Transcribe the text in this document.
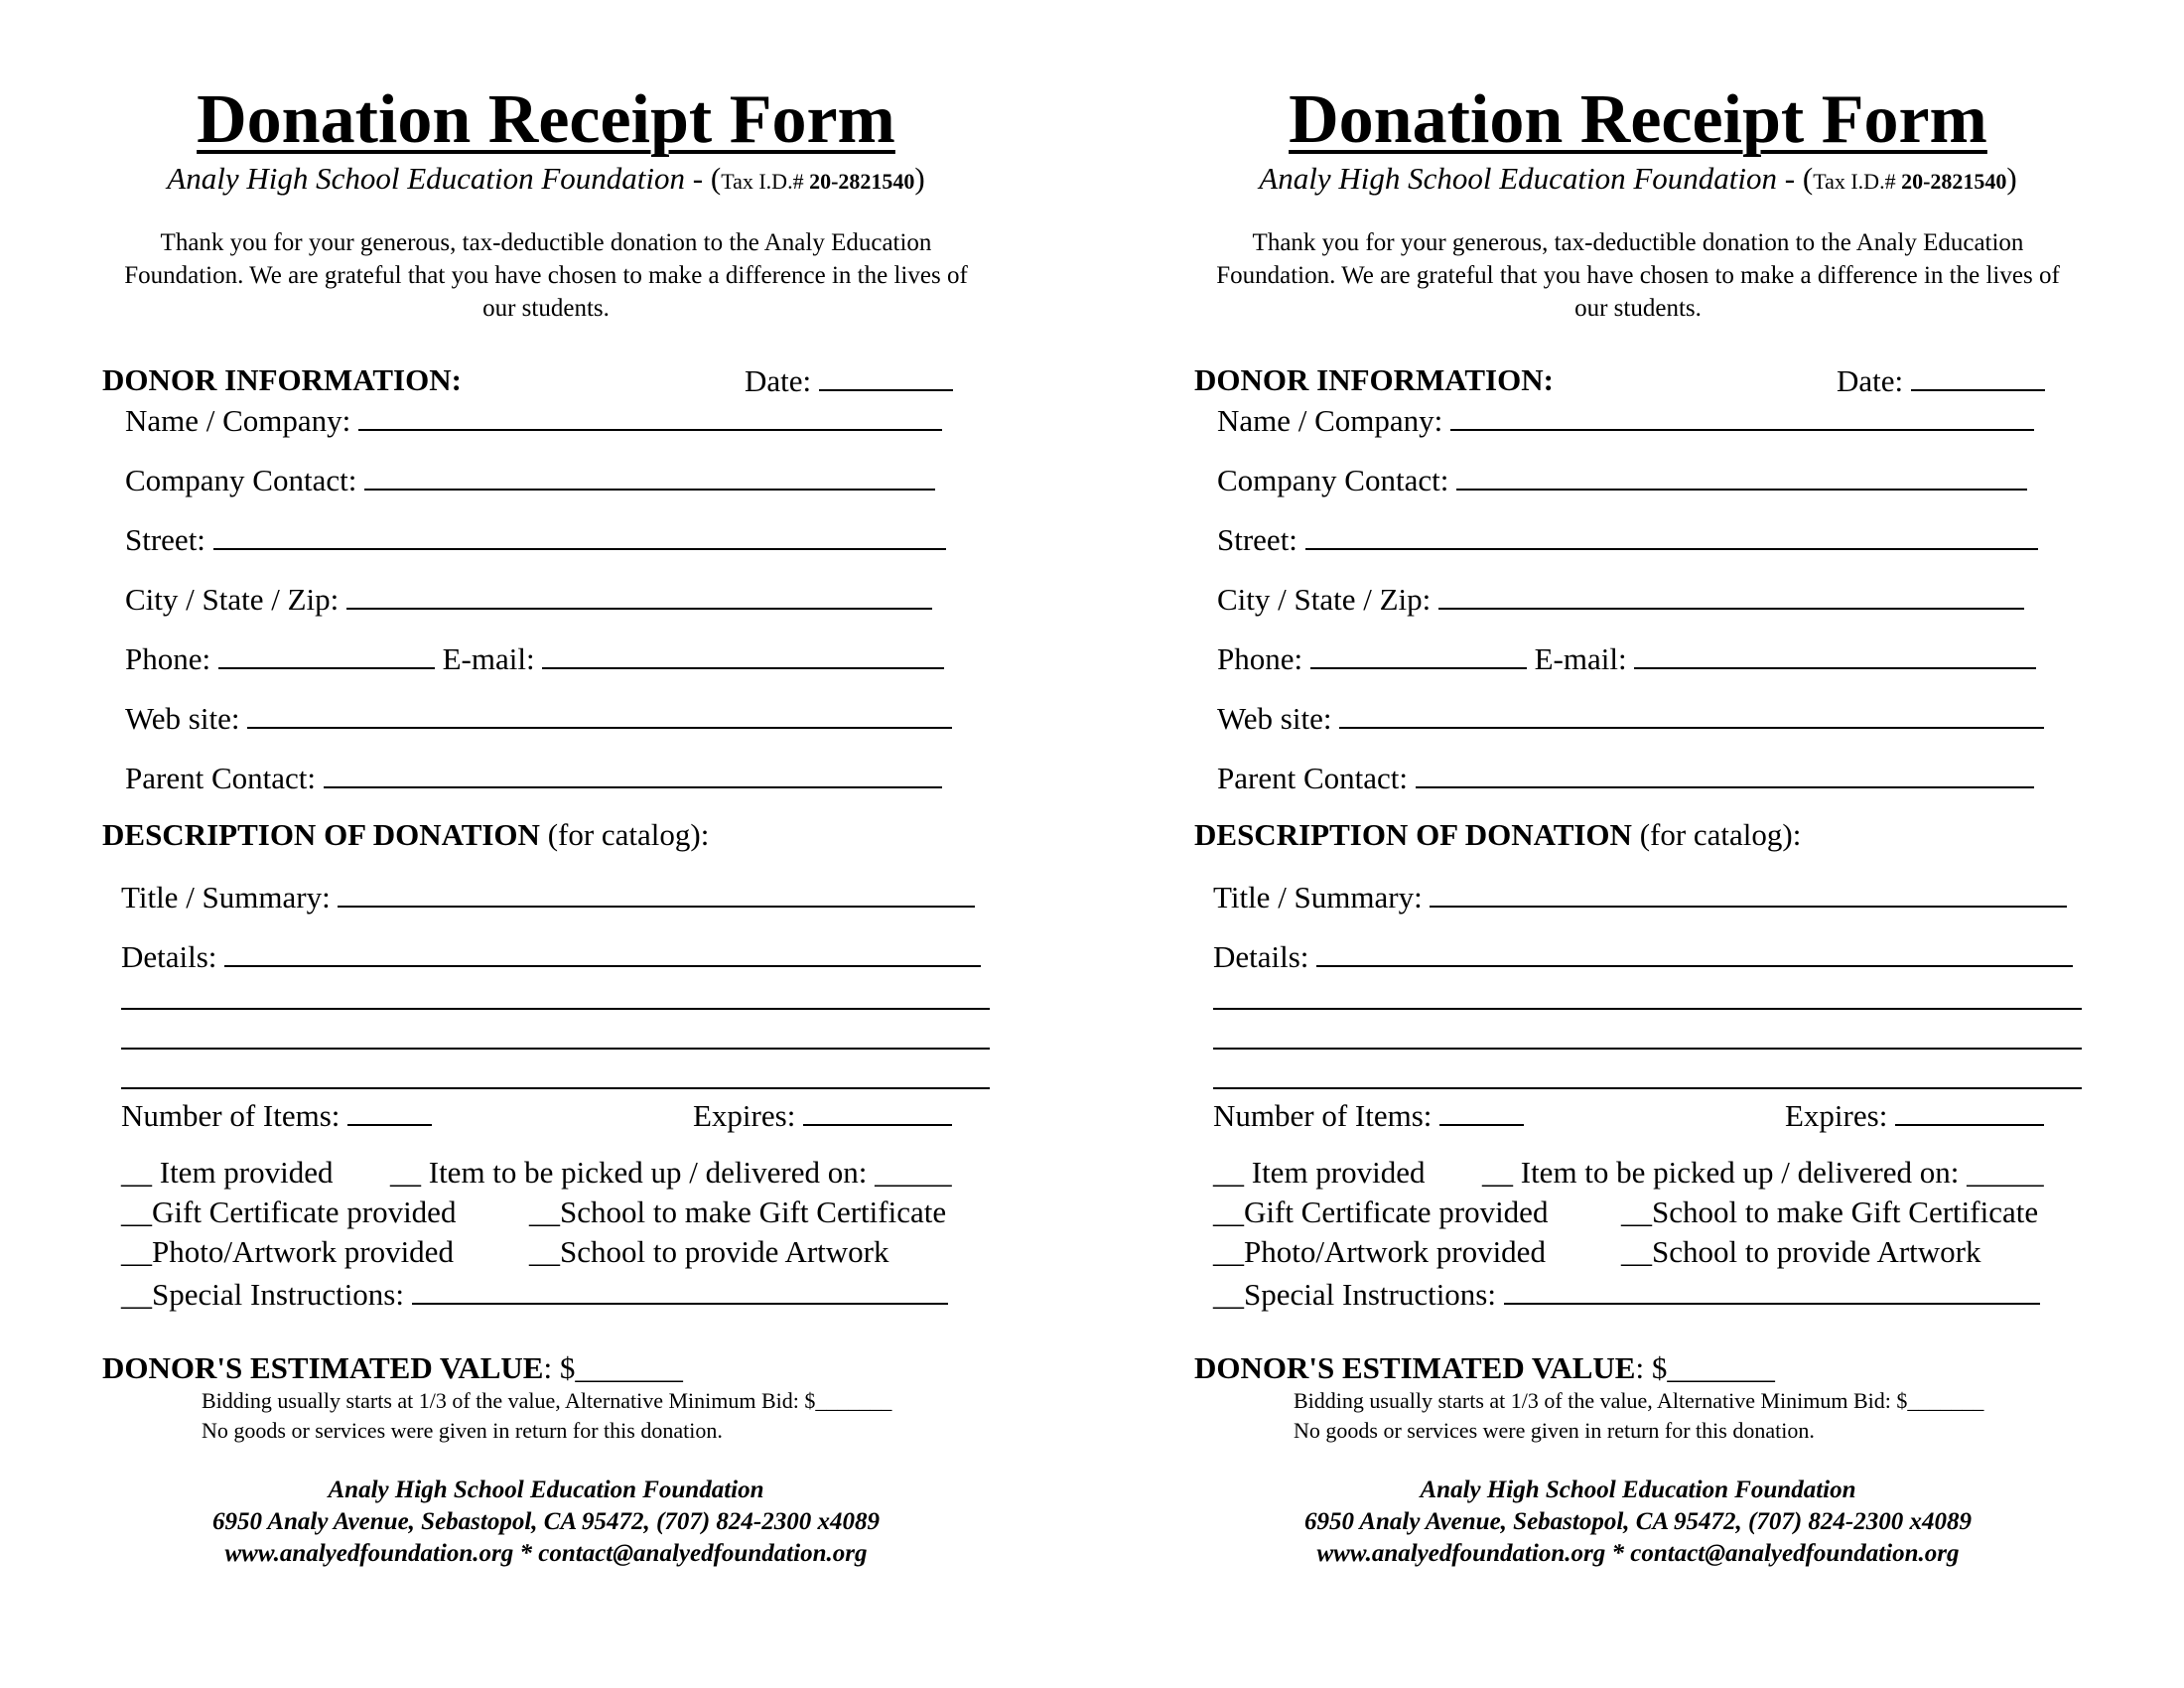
Donation Receipt Form
Analy High School Education Foundation - (Tax I.D.# 20-2821540)
Thank you for your generous, tax-deductible donation to the Analy Education Foundation. We are grateful that you have chosen to make a difference in the lives of our students.
DONOR INFORMATION:	Date:
Name / Company:
Company Contact:
Street:
City / State / Zip:
Phone:	E-mail:
Web site:
Parent Contact:
DESCRIPTION OF DONATION (for catalog):
Title / Summary:
Details:
Number of Items:	Expires:
__ Item provided __ Item to be picked up / delivered on: _____
__Gift Certificate provided __School to make Gift Certificate
__Photo/Artwork provided __School to provide Artwork
__Special Instructions:
DONOR'S ESTIMATED VALUE: $_______
Bidding usually starts at 1/3 of the value, Alternative Minimum Bid: $_______
No goods or services were given in return for this donation.
Analy High School Education Foundation
6950 Analy Avenue, Sebastopol, CA 95472, (707) 824-2300 x4089
www.analyedfoundation.org * contact@analyedfoundation.org
Donation Receipt Form
Analy High School Education Foundation - (Tax I.D.# 20-2821540)
Thank you for your generous, tax-deductible donation to the Analy Education Foundation. We are grateful that you have chosen to make a difference in the lives of our students.
DONOR INFORMATION:	Date:
Name / Company:
Company Contact:
Street:
City / State / Zip:
Phone:	E-mail:
Web site:
Parent Contact:
DESCRIPTION OF DONATION (for catalog):
Title / Summary:
Details:
Number of Items:	Expires:
__ Item provided __ Item to be picked up / delivered on: _____
__Gift Certificate provided __School to make Gift Certificate
__Photo/Artwork provided __School to provide Artwork
__Special Instructions:
DONOR'S ESTIMATED VALUE: $_______
Bidding usually starts at 1/3 of the value, Alternative Minimum Bid: $_______
No goods or services were given in return for this donation.
Analy High School Education Foundation
6950 Analy Avenue, Sebastopol, CA 95472, (707) 824-2300 x4089
www.analyedfoundation.org * contact@analyedfoundation.org
